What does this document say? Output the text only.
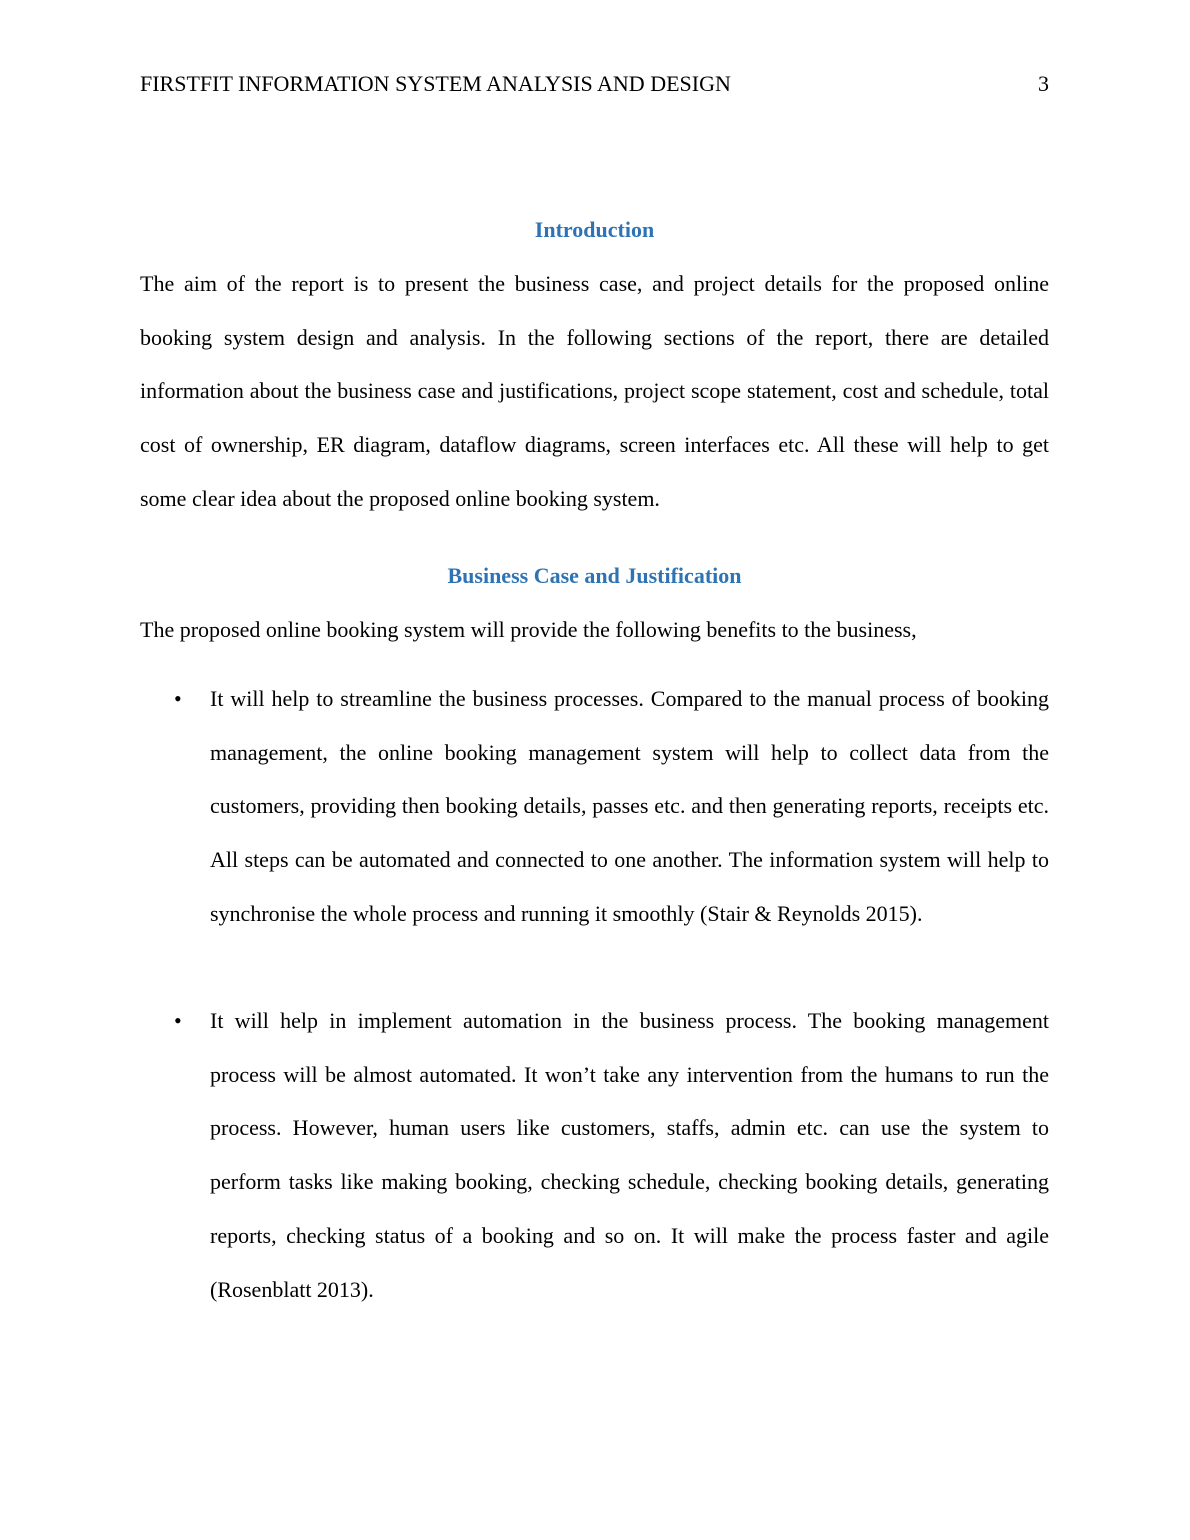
FIRSTFIT INFORMATION SYSTEM ANALYSIS AND DESIGN	3
Introduction

The aim of the report is to present the business case, and project details for the proposed online booking system design and analysis. In the following sections of the report, there are detailed information about the business case and justifications, project scope statement, cost and schedule, total cost of ownership, ER diagram, dataflow diagrams, screen interfaces etc. All these will help to get some clear idea about the proposed online booking system.

Business Case and Justification

The proposed online booking system will provide the following benefits to the business,

• It will help to streamline the business processes. Compared to the manual process of booking management, the online booking management system will help to collect data from the customers, providing then booking details, passes etc. and then generating reports, receipts etc. All steps can be automated and connected to one another. The information system will help to synchronise the whole process and running it smoothly (Stair & Reynolds 2015).

• It will help in implement automation in the business process. The booking management process will be almost automated. It won’t take any intervention from the humans to run the process. However, human users like customers, staffs, admin etc. can use the system to perform tasks like making booking, checking schedule, checking booking details, generating reports, checking status of a booking and so on. It will make the process faster and agile (Rosenblatt 2013).
